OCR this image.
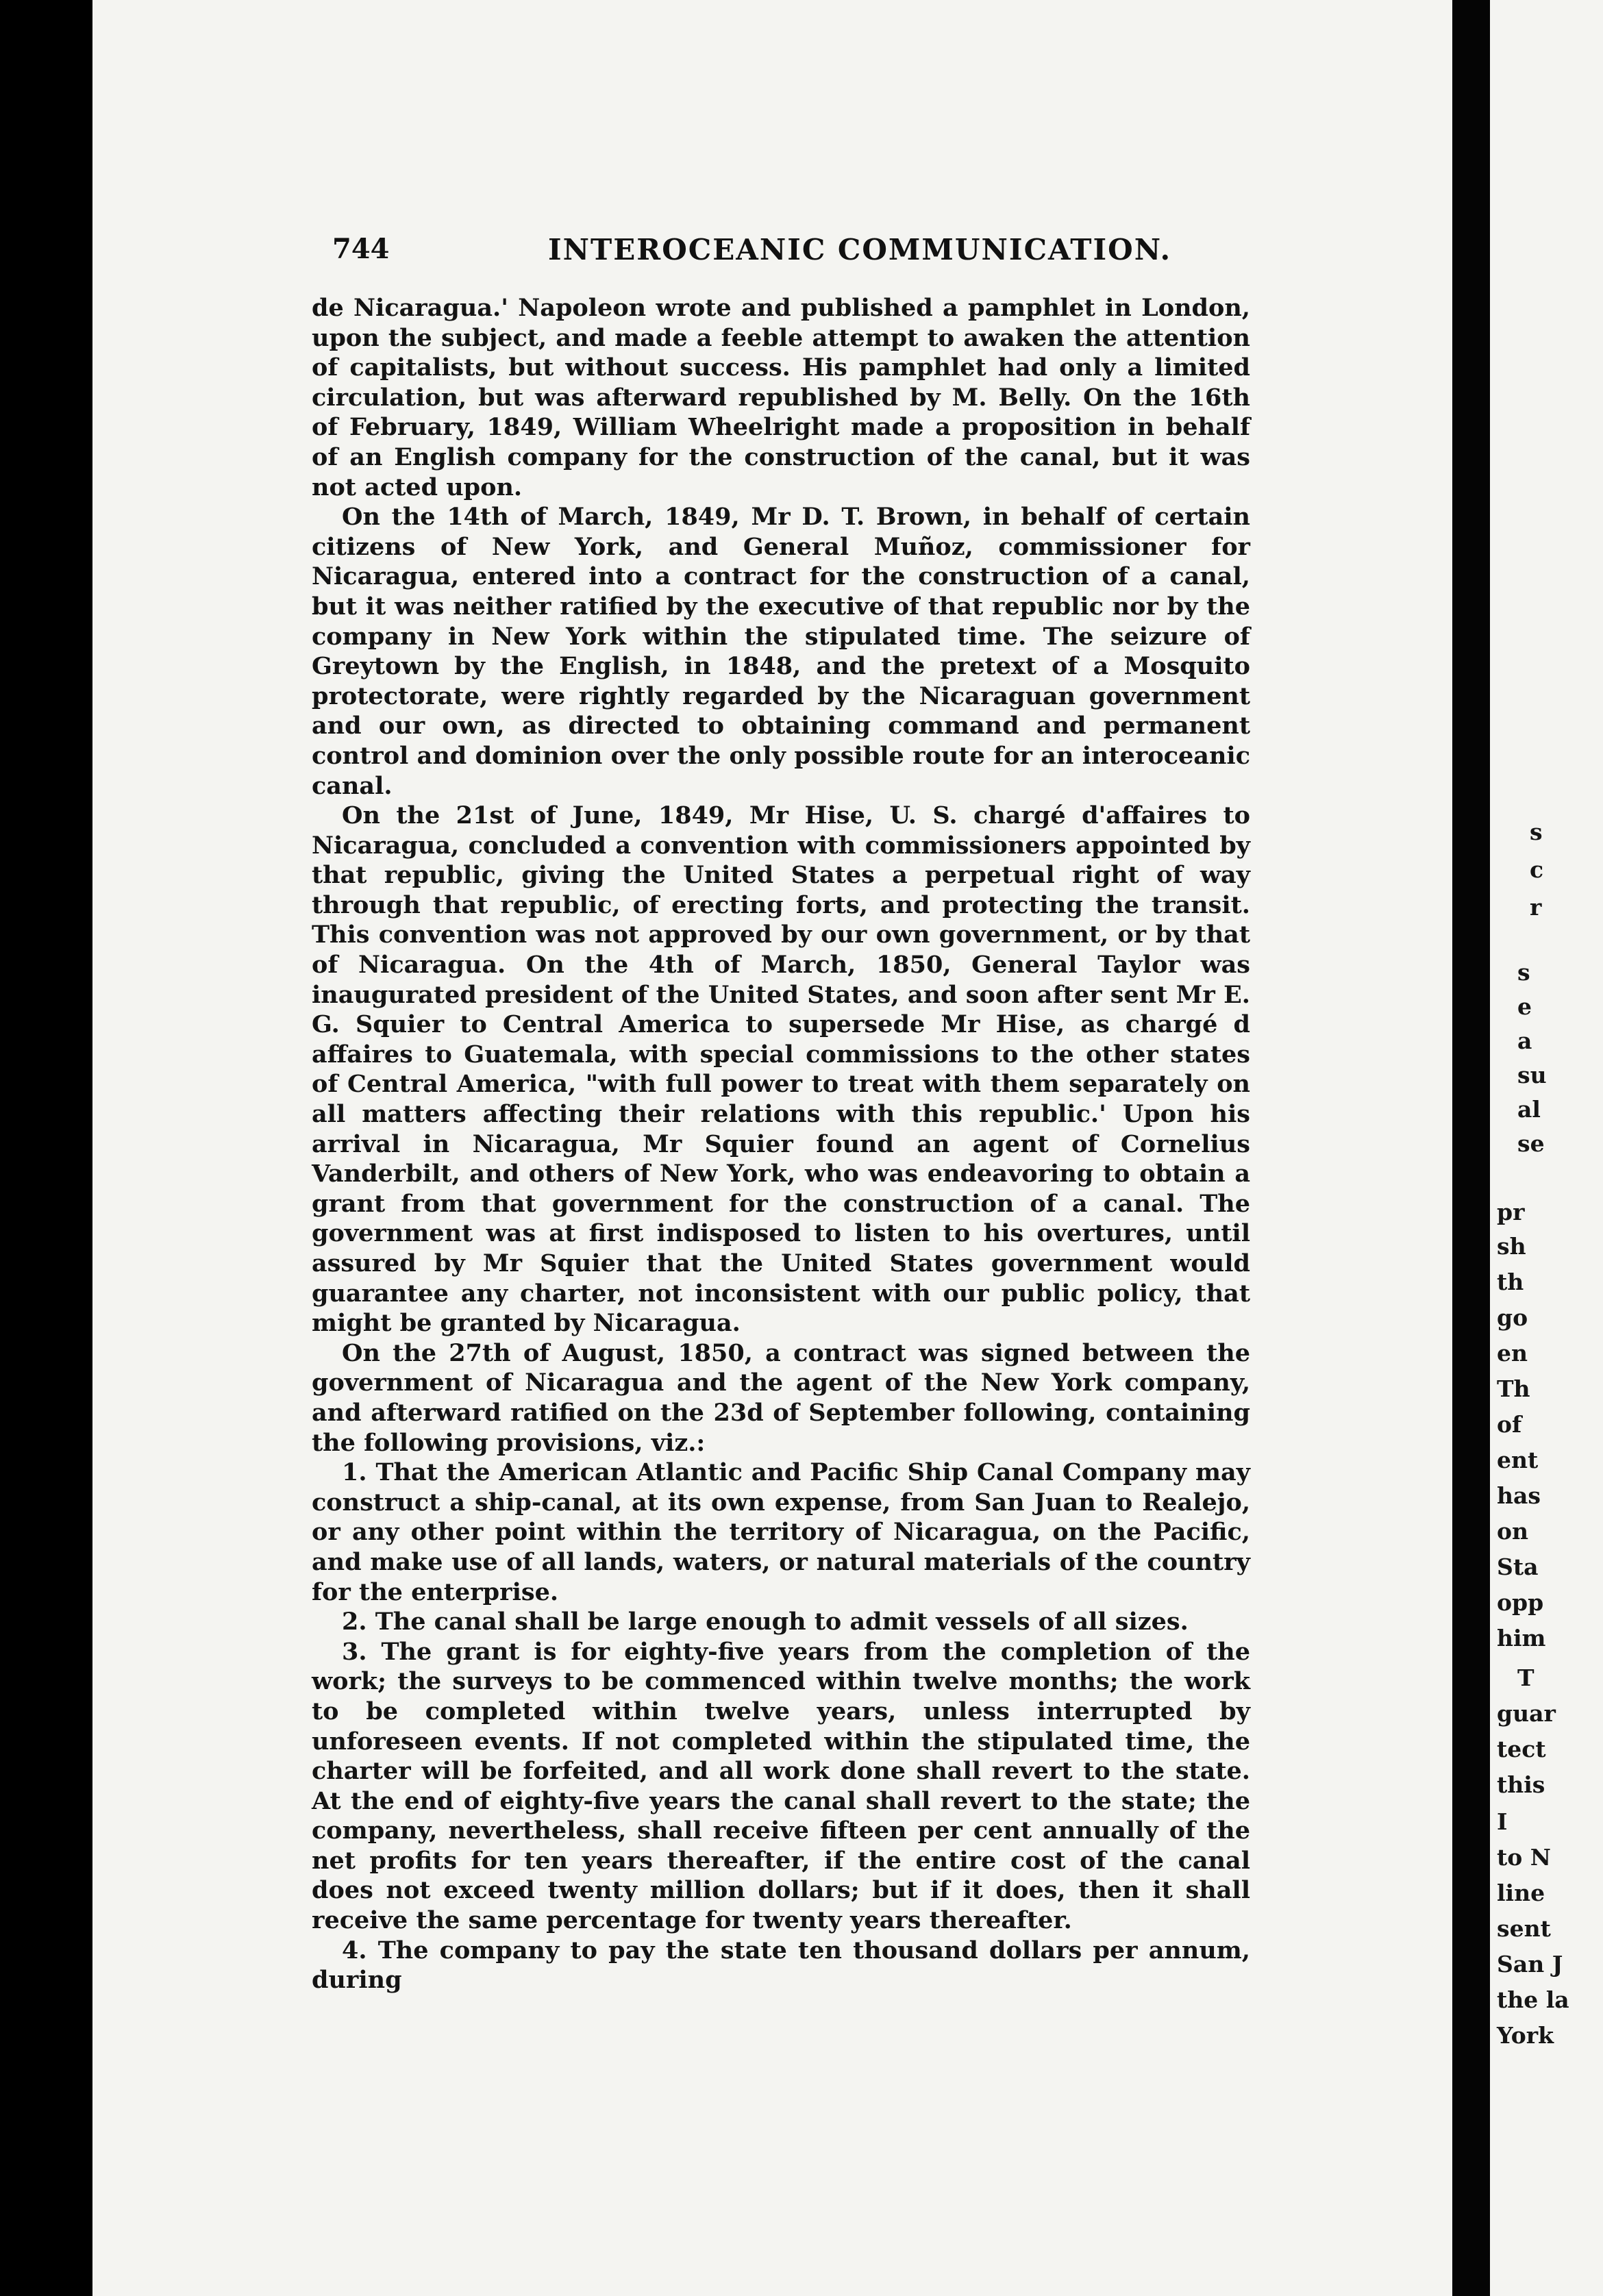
744	INTEROCEANIC COMMUNICATION.

de Nicaragua.' Napoleon wrote and published a pamphlet in London, upon the subject, and made a feeble attempt to awaken the attention of capitalists, but without success. His pamphlet had only a limited circulation, but was afterward republished by M. Belly. On the 16th of February, 1849, William Wheelright made a proposition in behalf of an English company for the construction of the canal, but it was not acted upon.

On the 14th of March, 1849, Mr D. T. Brown, in behalf of certain citizens of New York, and General Muñoz, commissioner for Nicaragua, entered into a contract for the construction of a canal, but it was neither ratified by the executive of that republic nor by the company in New York within the stipulated time. The seizure of Greytown by the English, in 1848, and the pretext of a Mosquito protectorate, were rightly regarded by the Nicaraguan government and our own, as directed to obtaining command and permanent control and dominion over the only possible route for an interoceanic canal.

On the 21st of June, 1849, Mr Hise, U. S. chargé d'affaires to Nicaragua, concluded a convention with commissioners appointed by that republic, giving the United States a perpetual right of way through that republic, of erecting forts, and protecting the transit. This convention was not approved by our own government, or by that of Nicaragua. On the 4th of March, 1850, General Taylor was inaugurated president of the United States, and soon after sent Mr E. G. Squier to Central America to supersede Mr Hise, as chargé d affaires to Guatemala, with special commissions to the other states of Central America, "with full power to treat with them separately on all matters affecting their relations with this republic.' Upon his arrival in Nicaragua, Mr Squier found an agent of Cornelius Vanderbilt, and others of New York, who was endeavoring to obtain a grant from that government for the construction of a canal. The government was at first indisposed to listen to his overtures, until assured by Mr Squier that the United States government would guarantee any charter, not inconsistent with our public policy, that might be granted by Nicaragua.

On the 27th of August, 1850, a contract was signed between the government of Nicaragua and the agent of the New York company, and afterward ratified on the 23d of September following, containing the following provisions, viz.:

1. That the American Atlantic and Pacific Ship Canal Company may construct a ship-canal, at its own expense, from San Juan to Realejo, or any other point within the territory of Nicaragua, on the Pacific, and make use of all lands, waters, or natural materials of the country for the enterprise.

2. The canal shall be large enough to admit vessels of all sizes.

3. The grant is for eighty-five years from the completion of the work; the surveys to be commenced within twelve months; the work to be completed within twelve years, unless interrupted by unforeseen events. If not completed within the stipulated time, the charter will be forfeited, and all work done shall revert to the state. At the end of eighty-five years the canal shall revert to the state; the company, nevertheless, shall receive fifteen per cent annually of the net profits for ten years thereafter, if the entire cost of the canal does not exceed twenty million dollars; but if it does, then it shall receive the same percentage for twenty years thereafter.

4. The company to pay the state ten thousand dollars per annum, during

s
c
r
s
e
a
su
al
se
pr
sh
th
go
en
Th
of
ent
has
on
Sta
opp
him
T
guar
tect
this
I
to N
line
sent
San J
the la
York
